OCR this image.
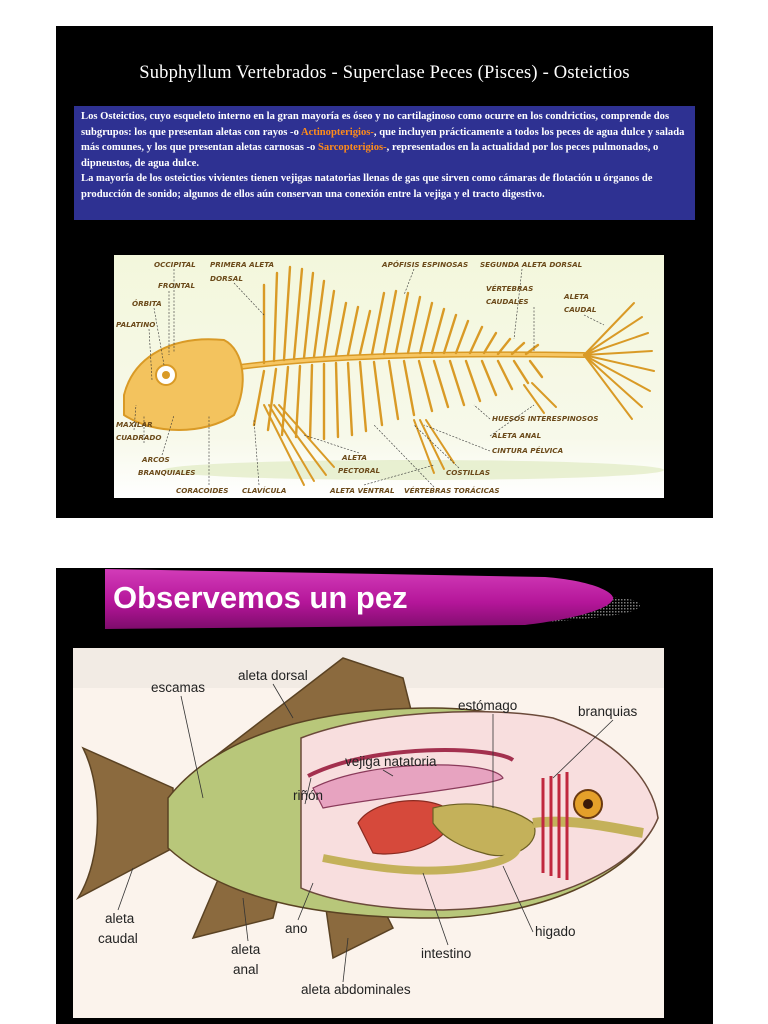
Subphyllum Vertebrados - Superclase Peces (Pisces) - Osteictios
Los Osteictios, cuyo esqueleto interno en la gran mayoría es óseo y no cartilaginoso como ocurre en los condrictios, comprende dos subgrupos: los que presentan aletas con rayos -o Actinopterigios-, que incluyen prácticamente a todos los peces de agua dulce y salada más comunes, y los que presentan aletas carnosas -o Sarcopterigios-, representados en la actualidad por los peces pulmonados, o dipneustos, de agua dulce.
La mayoría de los osteictios vivientes tienen vejigas natatorias llenas de gas que sirven como cámaras de flotación u órganos de producción de sonido; algunos de ellos aún conservan una conexión entre la vejiga y el tracto digestivo.
OCCIPITAL
FRONTAL
ÓRBITA
PALATINO
PRIMERA ALETA
DORSAL
APÓFISIS ESPINOSAS SEGUNDA ALETA DORSAL
VÉRTEBRAS
CAUDALES
ALETA
CAUDAL
MAXILAR
CUADRADO
ARCOS
BRANQUIALES
CORACOIDES CLAVÍCULA
ALETA
PECTORAL
ALETA VENTRAL
HUESOS INTERESPINOSOS
ALETA ANAL
CINTURA PÉLVICA
COSTILLAS
VÉRTEBRAS TORÁCICAS
Observemos un pez
escamas
aleta dorsal
estómago	branquias
vejiga natatoria
riñón
aleta
caudal
ano	higado
aleta
anal
intestino
aleta abdominales
